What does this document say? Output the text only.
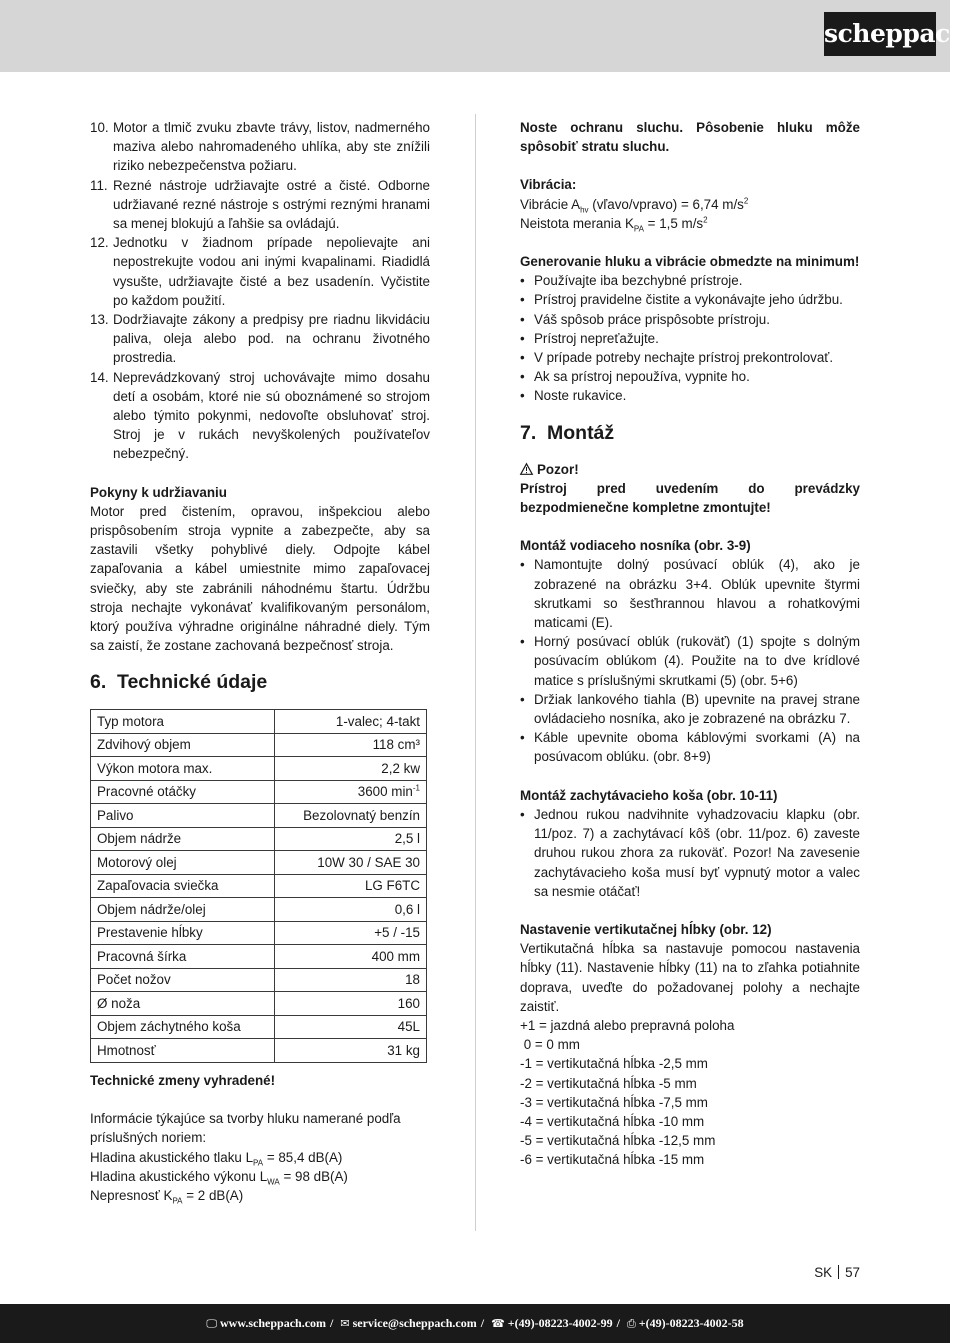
scheppach
10. Motor a tlmič zvuku zbavte trávy, listov, nadmerného maziva alebo nahromadeného uhlíka, aby ste znížili riziko nebezpečenstva požiaru.
11. Rezné nástroje udržiavajte ostré a čisté. Odborne udržiavané rezné nástroje s ostrými reznými hranami sa menej blokujú a ľahšie sa ovládajú.
12. Jednotku v žiadnom prípade nepolievajte ani nepostrekujte vodou ani inými kvapalinami. Riadidlá vysušte, udržiavajte čisté a bez usadenín. Vyčistite po každom použití.
13. Dodržiavajte zákony a predpisy pre riadnu likvidáciu paliva, oleja alebo pod. na ochranu životného prostredia.
14. Neprevádzkovaný stroj uchovávajte mimo dosahu detí a osobám, ktoré nie sú oboznámené so strojom alebo týmito pokynmi, nedovoľte obsluhovať stroj. Stroj je v rukách nevyškolených používateľov nebezpečný.
Pokyny k udržiavaniu
Motor pred čistením, opravou, inšpekciou alebo prispôsobením stroja vypnite a zabezpečte, aby sa zastavili všetky pohyblivé diely. Odpojte kábel zapaľovania a kábel umiestnite mimo zapaľovacej sviečky, aby ste zabránili náhodnému štartu. Údržbu stroja nechajte vykonávať kvalifikovaným personálom, ktorý používa výhradne originálne náhradné diely. Tým sa zaistí, že zostane zachovaná bezpečnosť stroja.
6. Technické údaje
Typ motora	1-valec; 4-takt
Zdvihový objem	118 cm³
Výkon motora max.	2,2 kw
Pracovné otáčky	3600 $\min^{-1}$
Palivo	Bezolovnatý benzín
Objem nádrže	2,5 l
Motorový olej	10W 30 / SAE 30
Zapaľovacia sviečka	LG F6TC
Objem nádrže/olej	0,6 l
Prestavenie hĺbky	+5 / -15
Pracovná šírka	400 mm
Počet nožov	18
Ø noža	160
Objem záchytného koša	45L
Hmotnosť	31 kg
Technické zmeny vyhradené!
Informácie týkajúce sa tvorby hluku namerané podľa príslušných noriem:
Hladina akustického tlaku $L_{PA} = 85,4$ dB(A)
Hladina akustického výkonu $L_{WA} = 98$ dB(A)
Nepresnosť $K_{PA} = 2$ dB(A)
Noste ochranu sluchu. Pôsobenie hluku môže spôsobiť stratu sluchu.
Vibrácia:
Vibrácie $A_{hv}$ (vľavo/vpravo) = 6,74 $m/s^2$
Neistota merania $K_{PA} = 1,5$ $m/s^2$
Generovanie hluku a vibrácie obmedzte na minimum!
• Používajte iba bezchybné prístroje.
• Prístroj pravidelne čistite a vykonávajte jeho údržbu.
• Váš spôsob práce prispôsobte prístroju.
• Prístroj nepreťažujte.
• V prípade potreby nechajte prístroj prekontrolovať.
• Ak sa prístroj nepoužíva, vypnite ho.
• Noste rukavice.
7. Montáž
Pozor!
Prístroj pred uvedením do prevádzky bezpodmienečne kompletne zmontujte!
Montáž vodiaceho nosníka (obr. 3-9)
• Namontujte dolný posúvací oblúk (4), ako je zobrazené na obrázku 3+4. Oblúk upevnite štyrmi skrutkami so šesťhrannou hlavou a rohatkovými maticami (E).
• Horný posúvací oblúk (rukoväť) (1) spojte s dolným posúvacím oblúkom (4). Použite na to dve krídlové matice s príslušnými skrutkami (5) (obr. 5+6)
• Držiak lankového tiahla (B) upevnite na pravej strane ovládacieho nosníka, ako je zobrazené na obrázku 7.
• Káble upevnite oboma káblovými svorkami (A) na posúvacom oblúku. (obr. 8+9)
Montáž zachytávacieho koša (obr. 10-11)
• Jednou rukou nadvihnite vyhadzovaciu klapku (obr. 11/poz. 7) a zachytávací kôš (obr. 11/poz. 6) zaveste druhou rukou zhora za rukoväť. Pozor! Na zavesenie zachytávacieho koša musí byť vypnutý motor a valec sa nesmie otáčať!
Nastavenie vertikutačnej hĺbky (obr. 12)
Vertikutačná hĺbka sa nastavuje pomocou nastavenia hĺbky (11). Nastavenie hĺbky (11) na to zľahka potiahnite doprava, uveďte do požadovanej polohy a nechajte zaistiť.
+1 = jazdná alebo prepravná poloha
0 = 0 mm
-1 = vertikutačná hĺbka -2,5 mm
-2 = vertikutačná hĺbka -5 mm
-3 = vertikutačná hĺbka -7,5 mm
-4 = vertikutačná hĺbka -10 mm
-5 = vertikutačná hĺbka -12,5 mm
-6 = vertikutačná hĺbka -15 mm
SK 57
🖵 www.scheppach.com / ✉ service@scheppach.com / ☎ +(49)-08223-4002-99 / ⎙ +(49)-08223-4002-58
